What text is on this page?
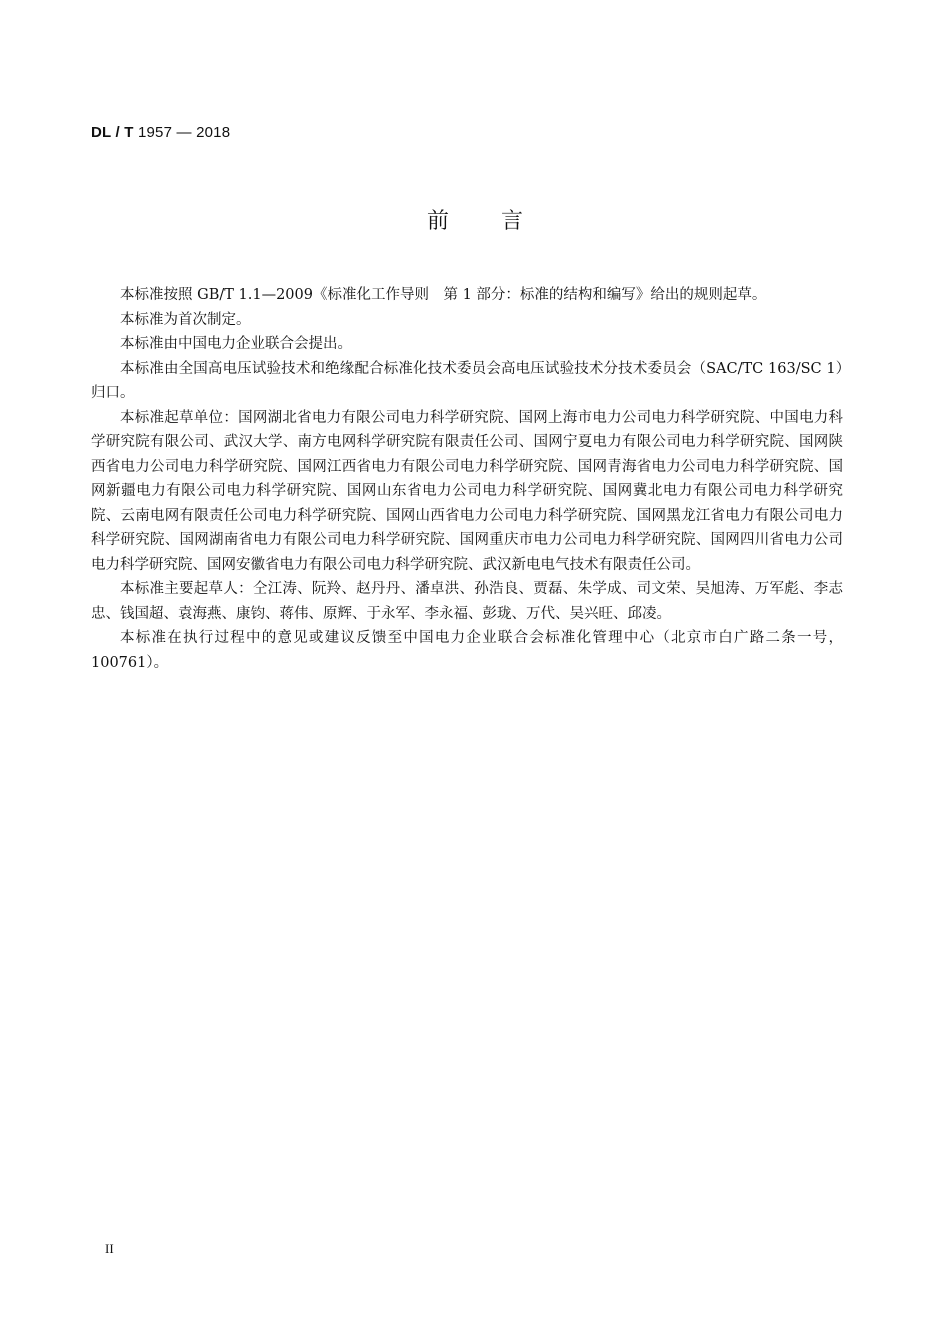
DL / T 1957 — 2018
前言

本标准按照 GB/T 1.1—2009《标准化工作导则　第 1 部分：标准的结构和编写》给出的规则起草。

本标准为首次制定。

本标准由中国电力企业联合会提出。

本标准由全国高电压试验技术和绝缘配合标准化技术委员会高电压试验技术分技术委员会（SAC/TC 163/SC 1）归口。

本标准起草单位：国网湖北省电力有限公司电力科学研究院、国网上海市电力公司电力科学研究院、中国电力科学研究院有限公司、武汉大学、南方电网科学研究院有限责任公司、国网宁夏电力有限公司电力科学研究院、国网陕西省电力公司电力科学研究院、国网江西省电力有限公司电力科学研究院、国网青海省电力公司电力科学研究院、国网新疆电力有限公司电力科学研究院、国网山东省电力公司电力科学研究院、国网冀北电力有限公司电力科学研究院、云南电网有限责任公司电力科学研究院、国网山西省电力公司电力科学研究院、国网黑龙江省电力有限公司电力科学研究院、国网湖南省电力有限公司电力科学研究院、国网重庆市电力公司电力科学研究院、国网四川省电力公司电力科学研究院、国网安徽省电力有限公司电力科学研究院、武汉新电电气技术有限责任公司。

本标准主要起草人：仝江涛、阮羚、赵丹丹、潘卓洪、孙浩良、贾磊、朱学成、司文荣、吴旭涛、万军彪、李志忠、钱国超、袁海燕、康钧、蒋伟、原辉、于永军、李永福、彭珑、万代、吴兴旺、邱凌。

本标准在执行过程中的意见或建议反馈至中国电力企业联合会标准化管理中心（北京市白广路二条一号，100761）。

II
